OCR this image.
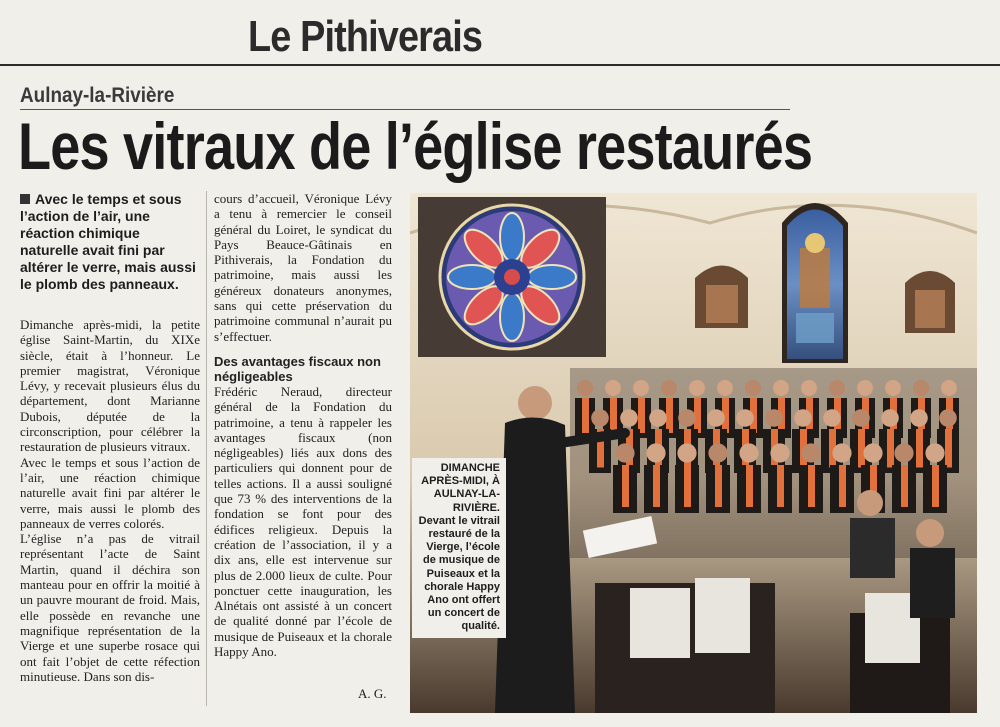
Le Pithiverais
Aulnay-la-Rivière
Les vitraux de l’église restaurés
Avec le temps et sous l’action de l’air, une réaction chimique naturelle avait fini par altérer le verre, mais aussi le plomb des panneaux.

Dimanche après-midi, la petite église Saint-Martin, du XIXe siècle, était à l’honneur. Le premier magistrat, Véronique Lévy, y recevait plusieurs élus du département, dont Marianne Dubois, députée de la circonscription, pour célébrer la restauration de plusieurs vitraux.

Avec le temps et sous l’action de l’air, une réaction chimique naturelle avait fini par altérer le verre, mais aussi le plomb des panneaux de verres colorés.

L’église n’a pas de vitrail représentant l’acte de Saint Martin, quand il déchira son manteau pour en offrir la moitié à un pauvre mourant de froid. Mais, elle possède en revanche une magnifique représentation de la Vierge et une superbe rosace qui ont fait l’objet de cette réfection minutieuse. Dans son dis-

cours d’accueil, Véronique Lévy a tenu à remercier le conseil général du Loiret, le syndicat du Pays Beauce-Gâtinais en Pithiverais, la Fondation du patrimoine, mais aussi les généreux donateurs anonymes, sans qui cette préservation du patrimoine communal n’aurait pu s’effectuer.

Des avantages fiscaux non négligeables

Frédéric Neraud, directeur général de la Fondation du patrimoine, a tenu à rappeler les avantages fiscaux (non négligeables) liés aux dons des particuliers qui donnent pour de telles actions. Il a aussi souligné que 73 % des interventions de la fondation se font pour des édifices religieux. Depuis la création de l’association, il y a dix ans, elle est intervenue sur plus de 2.000 lieux de culte. Pour ponctuer cette inauguration, les Alnétais ont assisté à un concert de qualité donné par l’école de musique de Puiseaux et la chorale Happy Ano.

A. G.
DIMANCHE APRÈS-MIDI, À AULNAY-LA-RIVIÈRE.
Devant le vitrail restauré de la Vierge, l’école de musique de Puiseaux et la chorale Happy Ano ont offert un concert de qualité.
